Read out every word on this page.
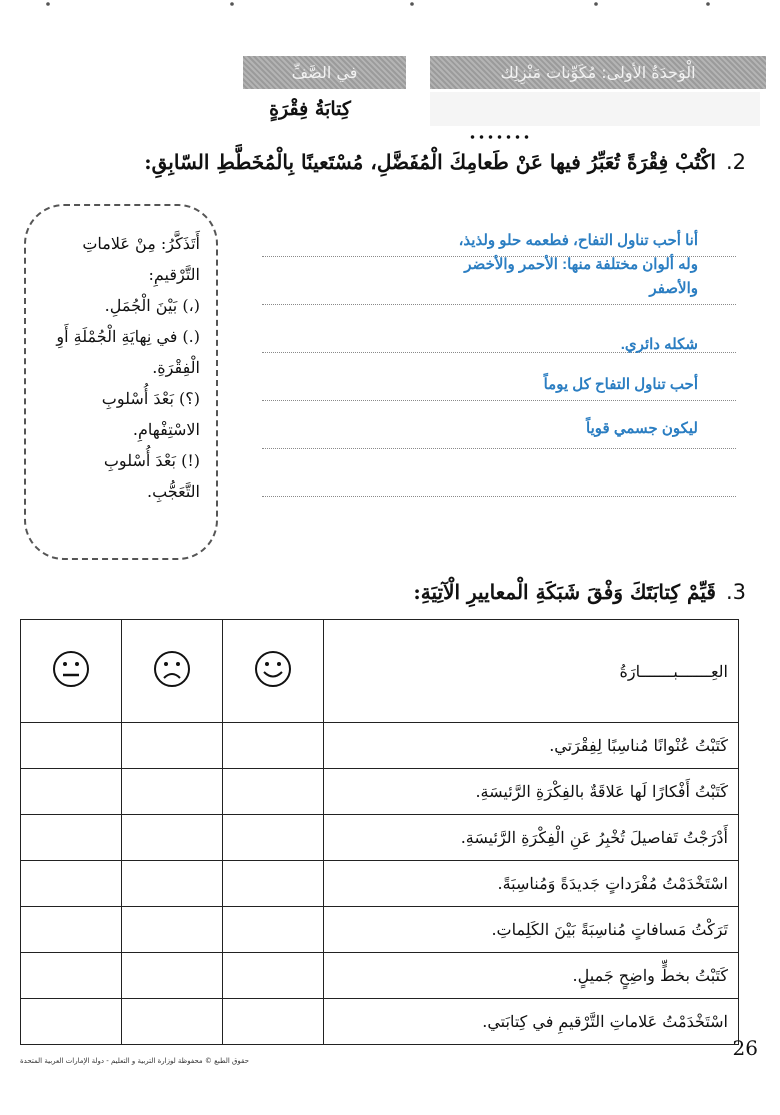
الْوَحدَةُ الأولى: مُكَوِّنات مَنْزِلِك
في الصَّفِّ
كِتابَةُ فِقْرَةٍ
2.
اكْتُبْ فِقْرَةً تُعَبِّرُ فيها عَنْ طَعامِكَ الْمُفَضَّلِ، مُسْتَعينًا بِالْمُخَطَّطِ السّابِقِ:
أَتَذَكَّرُ: مِنْ عَلاماتِ
التَّرْقيمِ:
(،) بَيْنَ الْجُمَلِ.
(.) في نِهايَةِ الْجُمْلَةِ أَوِ
الْفِقْرَةِ.
(؟) بَعْدَ أُسْلوبِ
الاسْتِفْهامِ.
(!) بَعْدَ أُسْلوبِ
التَّعَجُّبِ.
أنا أحب تناول التفاح، فطعمه حلو ولذيذ،
وله ألوان مختلفة منها: الأحمر والأخضر
والأصفر
شكله دائري.
أحب تناول التفاح كل يوماً
ليكون جسمي قوياً
3.
قَيِّمْ كِتابَتَكَ وَفْقَ شَبَكَةِ الْمعاييرِ الْآتِيَةِ:
العِـــــــبـــــــارَةُ			
كَتَبْتُ عُنْوانًا مُناسِبًا لِفِقْرَتي.			
كَتَبْتُ أَفْكارًا لَها عَلاقَةٌ بالفِكْرَةِ الرَّئيسَةِ.			
أَدْرَجْتُ تَفاصيلَ تُخْبِرُ عَنِ الْفِكْرَةِ الرَّئيسَةِ.			
اسْتَخْدَمْتُ مُفْرَداتٍ جَديدَةً وَمُناسِبَةً.			
تَرَكْتُ مَسافاتٍ مُناسِبَةً بَيْنَ الكَلِماتِ.			
كَتَبْتُ بخطٍّ واضِحٍ جَميلٍ.			
اسْتَخْدَمْتُ عَلاماتِ التَّرْقيمِ في كِتابَتي.			
حقوق الطبع © محفوظة لوزارة التربية و التعليم - دولة الإمارات العربية المتحدة
26
